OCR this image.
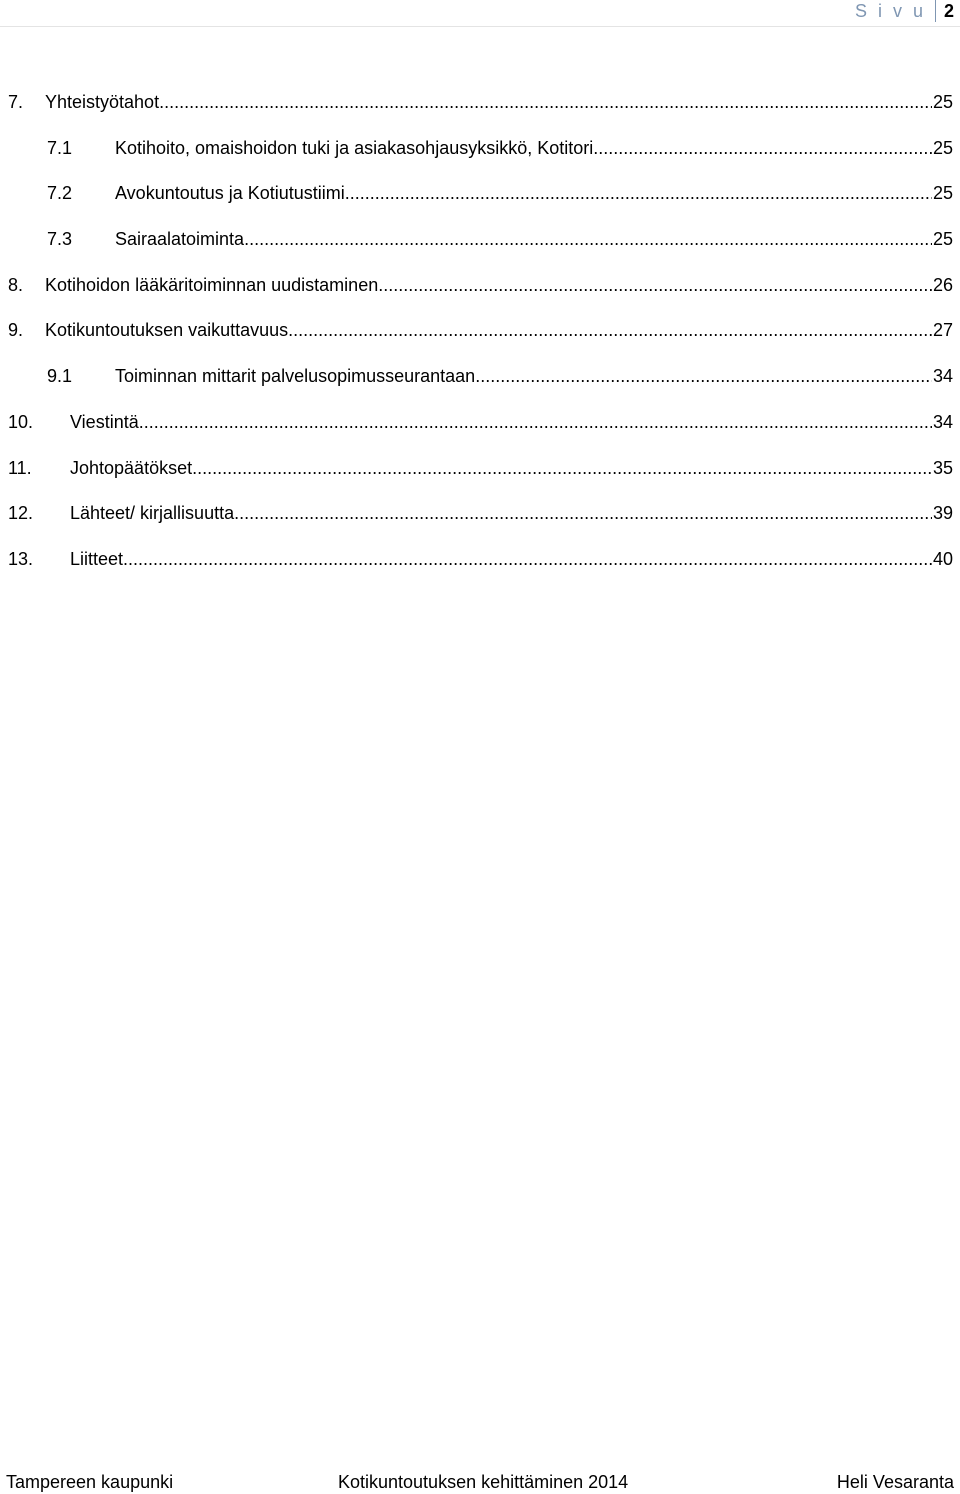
S i v u	2
7.	Yhteistyötahot .....	25
7.1	Kotihoito, omaishoidon tuki ja asiakasohjausyksikkö, Kotitori .....	25
7.2	Avokuntoutus ja Kotiutustiimi .....	25
7.3	Sairaalatoiminta .....	25
8.	Kotihoidon lääkäritoiminnan uudistaminen .....	26
9.	Kotikuntoutuksen vaikuttavuus .....	27
9.1	Toiminnan mittarit palvelusopimusseurantaan .....	34
10.	Viestintä .....	34
11.	Johtopäätökset .....	35
12.	Lähteet/ kirjallisuutta .....	39
13.	Liitteet .....	40
Tampereen kaupunki	Kotikuntoutuksen kehittäminen 2014	Heli Vesaranta
